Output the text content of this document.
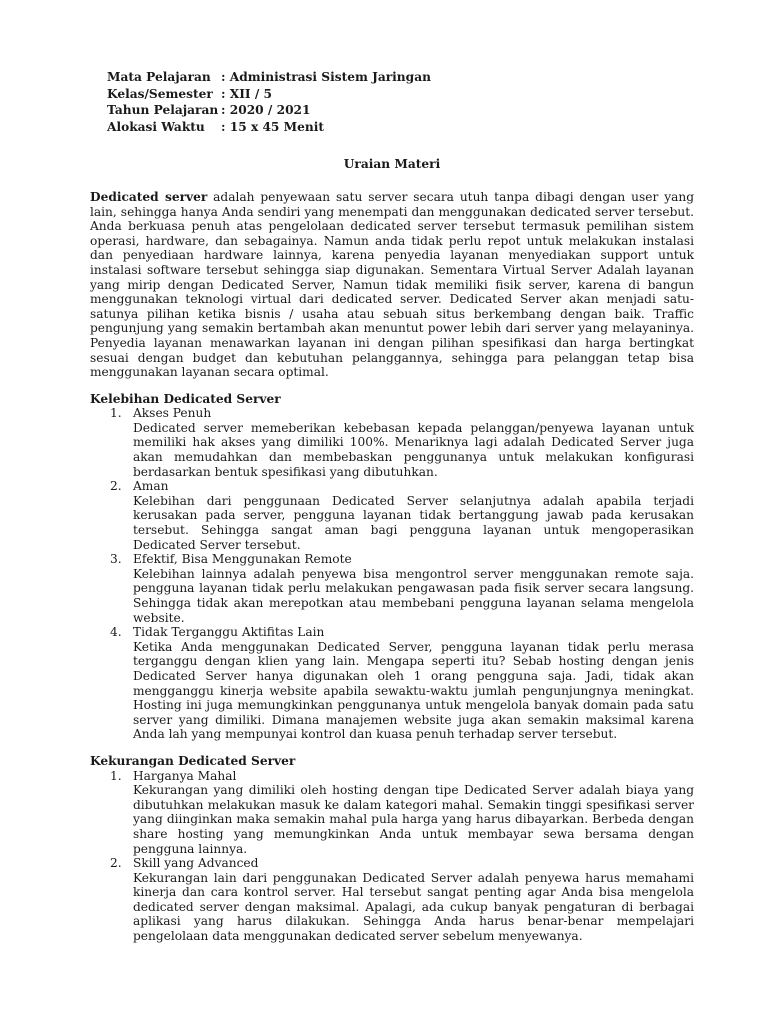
Mata Pelajaran	: Administrasi Sistem Jaringan
Kelas/Semester	: XII / 5
Tahun Pelajaran	: 2020 / 2021
Alokasi Waktu	: 15 x 45 Menit

Uraian Materi

Dedicated server adalah penyewaan satu server secara utuh tanpa dibagi dengan user yang lain, sehingga hanya Anda sendiri yang menempati dan menggunakan dedicated server tersebut. Anda berkuasa penuh atas pengelolaan dedicated server tersebut termasuk pemilihan sistem operasi, hardware, dan sebagainya. Namun anda tidak perlu repot untuk melakukan instalasi dan penyediaan hardware lainnya, karena penyedia layanan menyediakan support untuk instalasi software tersebut sehingga siap digunakan. Sementara Virtual Server Adalah layanan yang mirip dengan Dedicated Server, Namun tidak memiliki fisik server, karena di bangun menggunakan teknologi virtual dari dedicated server. Dedicated Server akan menjadi satu-satunya pilihan ketika bisnis / usaha atau sebuah situs berkembang dengan baik. Traffic pengunjung yang semakin bertambah akan menuntut power lebih dari server yang melayaninya. Penyedia layanan menawarkan layanan ini dengan pilihan spesifikasi dan harga bertingkat sesuai dengan budget dan kebutuhan pelanggannya, sehingga para pelanggan tetap bisa menggunakan layanan secara optimal.

Kelebihan Dedicated Server

1. Akses Penuh
Dedicated server memeberikan kebebasan kepada pelanggan/penyewa layanan untuk memiliki hak akses yang dimiliki 100%. Menariknya lagi adalah Dedicated Server juga akan memudahkan dan membebaskan penggunanya untuk melakukan konfigurasi berdasarkan bentuk spesifikasi yang dibutuhkan.
2. Aman
Kelebihan dari penggunaan Dedicated Server selanjutnya adalah apabila terjadi kerusakan pada server, pengguna layanan tidak bertanggung jawab pada kerusakan tersebut. Sehingga sangat aman bagi pengguna layanan untuk mengoperasikan Dedicated Server tersebut.
3. Efektif, Bisa Menggunakan Remote
Kelebihan lainnya adalah penyewa bisa mengontrol server menggunakan remote saja. pengguna layanan tidak perlu melakukan pengawasan pada fisik server secara langsung. Sehingga tidak akan merepotkan atau membebani pengguna layanan selama mengelola website.
4. Tidak Terganggu Aktifitas Lain
Ketika Anda menggunakan Dedicated Server, pengguna layanan tidak perlu merasa terganggu dengan klien yang lain. Mengapa seperti itu? Sebab hosting dengan jenis Dedicated Server hanya digunakan oleh 1 orang pengguna saja. Jadi, tidak akan mengganggu kinerja website apabila sewaktu-waktu jumlah pengunjungnya meningkat. Hosting ini juga memungkinkan penggunanya untuk mengelola banyak domain pada satu server yang dimiliki. Dimana manajemen website juga akan semakin maksimal karena Anda lah yang mempunyai kontrol dan kuasa penuh terhadap server tersebut.

Kekurangan Dedicated Server

1. Harganya Mahal
Kekurangan yang dimiliki oleh hosting dengan tipe Dedicated Server adalah biaya yang dibutuhkan melakukan masuk ke dalam kategori mahal. Semakin tinggi spesifikasi server yang diinginkan maka semakin mahal pula harga yang harus dibayarkan. Berbeda dengan share hosting yang memungkinkan Anda untuk membayar sewa bersama dengan pengguna lainnya.
2. Skill yang Advanced
Kekurangan lain dari penggunakan Dedicated Server adalah penyewa harus memahami kinerja dan cara kontrol server. Hal tersebut sangat penting agar Anda bisa mengelola dedicated server dengan maksimal. Apalagi, ada cukup banyak pengaturan di berbagai aplikasi yang harus dilakukan. Sehingga Anda harus benar-benar mempelajari pengelolaan data menggunakan dedicated server sebelum menyewanya.
